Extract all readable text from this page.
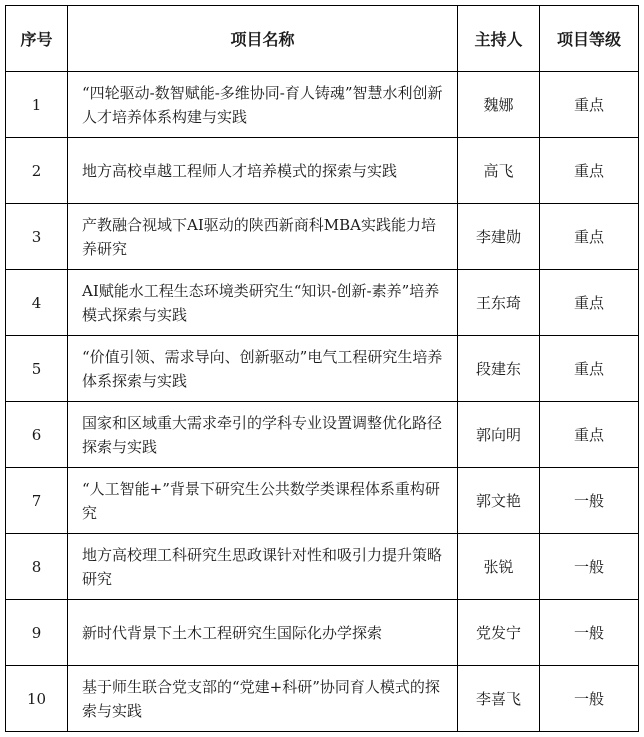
序号	项目名称	主持人	项目等级
1	“四轮驱动-数智赋能-多维协同-育人铸魂”智慧水利创新人才培养体系构建与实践	魏娜	重点
2	地方高校卓越工程师人才培养模式的探索与实践	高飞	重点
3	产教融合视域下AI驱动的陕西新商科MBA实践能力培养研究	李建勋	重点
4	AI赋能水工程生态环境类研究生“知识-创新-素养”培养模式探索与实践	王东琦	重点
5	“价值引领、需求导向、创新驱动”电气工程研究生培养体系探索与实践	段建东	重点
6	国家和区域重大需求牵引的学科专业设置调整优化路径探索与实践	郭向明	重点
7	“人工智能+”背景下研究生公共数学类课程体系重构研究	郭文艳	一般
8	地方高校理工科研究生思政课针对性和吸引力提升策略研究	张锐	一般
9	新时代背景下土木工程研究生国际化办学探索	党发宁	一般
10	基于师生联合党支部的“党建+科研”协同育人模式的探索与实践	李喜飞	一般
